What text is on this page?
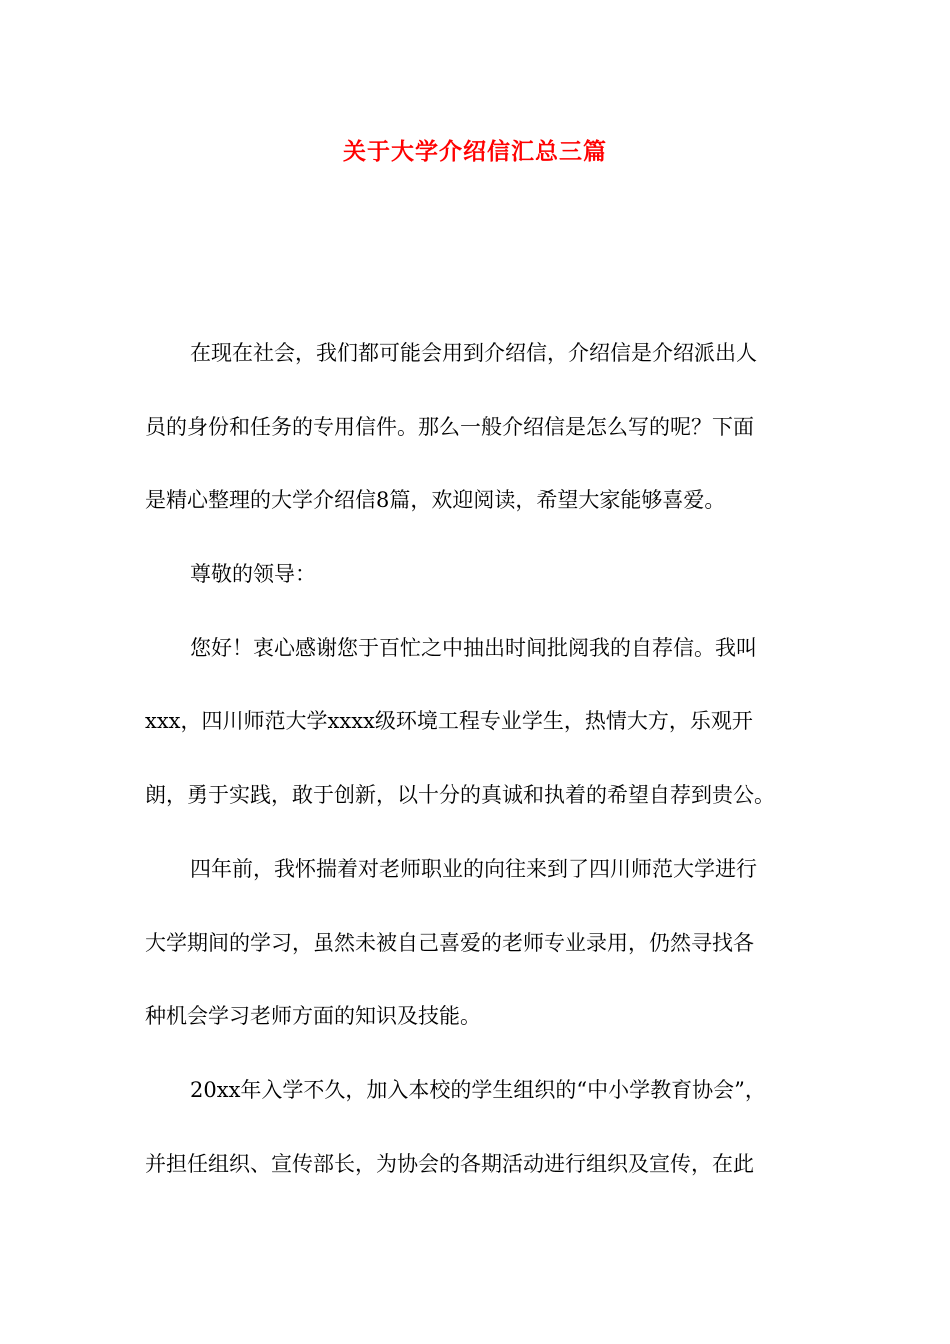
关于大学介绍信汇总三篇
在现在社会，我们都可能会用到介绍信，介绍信是介绍派出人
员的身份和任务的专用信件。那么一般介绍信是怎么写的呢？下面
是精心整理的大学介绍信8篇，欢迎阅读，希望大家能够喜爱。
尊敬的领导：
您好！衷心感谢您于百忙之中抽出时间批阅我的自荐信。我叫
xxx，四川师范大学xxxx级环境工程专业学生，热情大方，乐观开
朗，勇于实践，敢于创新，以十分的真诚和执着的希望自荐到贵公。
四年前，我怀揣着对老师职业的向往来到了四川师范大学进行
大学期间的学习，虽然未被自己喜爱的老师专业录用，仍然寻找各
种机会学习老师方面的知识及技能。
20xx年入学不久，加入本校的学生组织的“中小学教育协会”，
并担任组织、宣传部长，为协会的各期活动进行组织及宣传，在此
